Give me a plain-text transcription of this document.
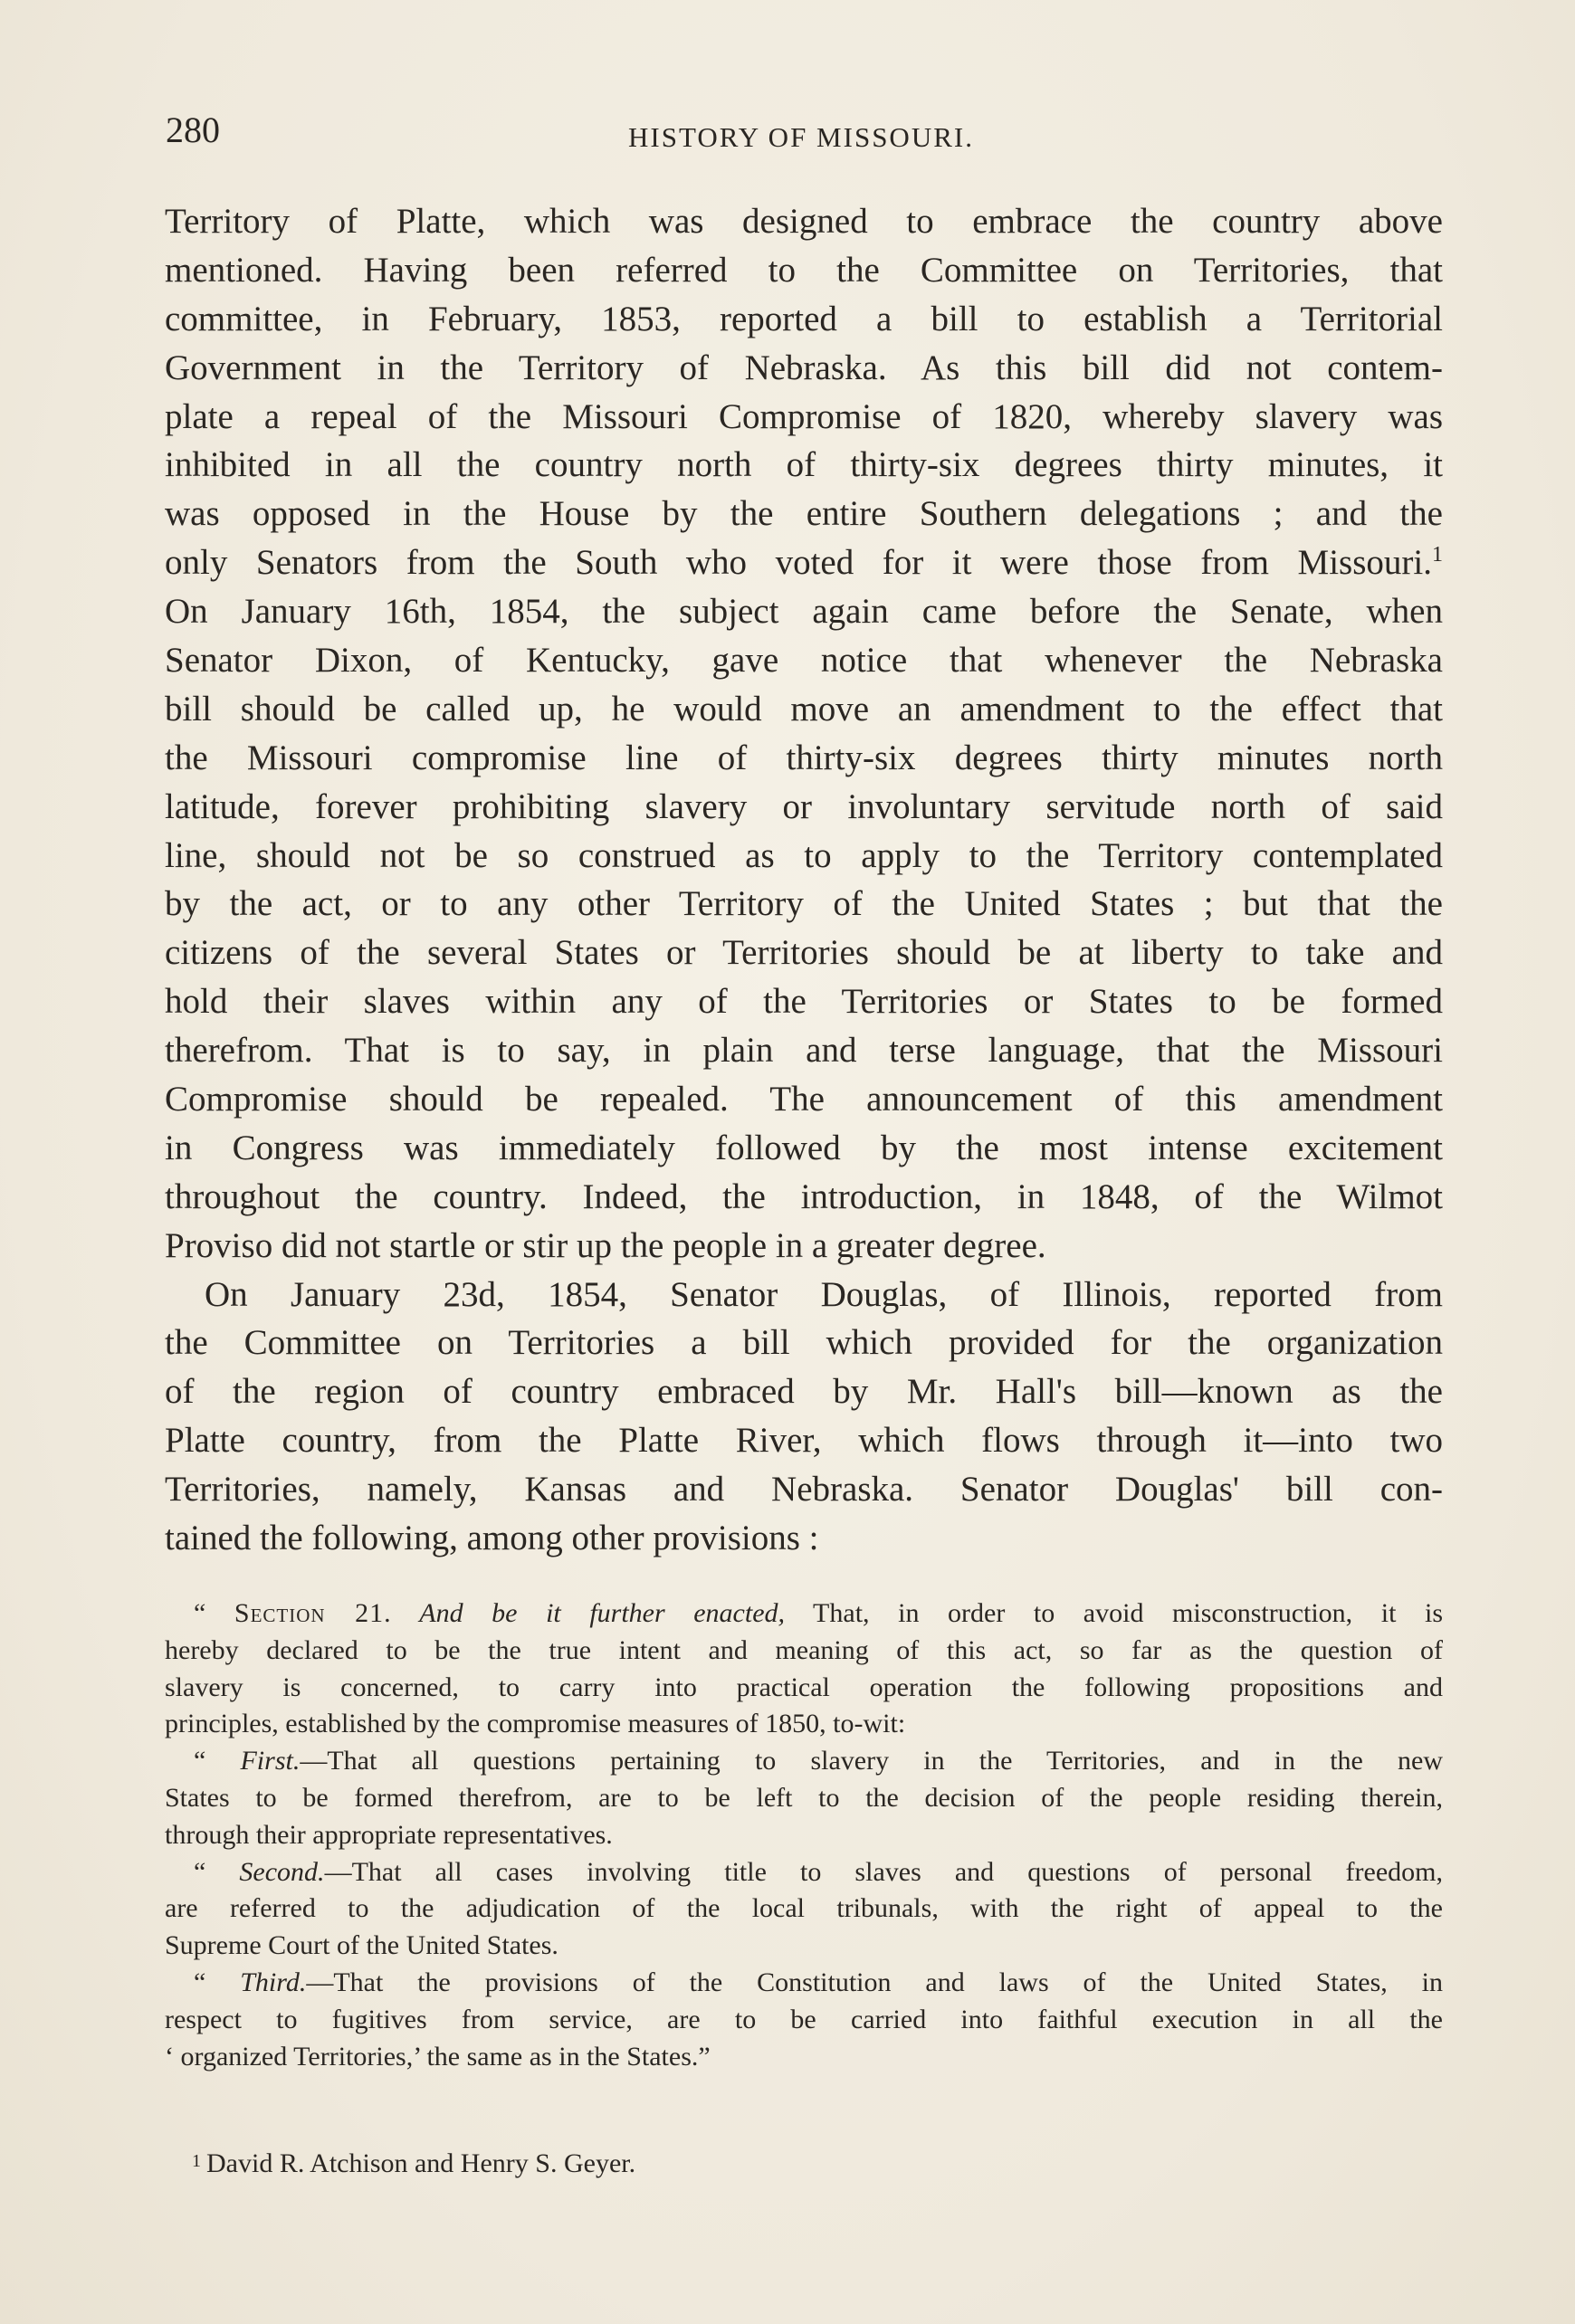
280	HISTORY OF MISSOURI.
Territory of Platte, which was designed to embrace the country above
mentioned. Having been referred to the Committee on Territories, that
committee, in February, 1853, reported a bill to establish a Territorial
Government in the Territory of Nebraska. As this bill did not contem-
plate a repeal of the Missouri Compromise of 1820, whereby slavery was
inhibited in all the country north of thirty-six degrees thirty minutes, it
was opposed in the House by the entire Southern delegations ; and the
only Senators from the South who voted for it were those from Missouri.$^1$
On January 16th, 1854, the subject again came before the Senate, when
Senator Dixon, of Kentucky, gave notice that whenever the Nebraska
bill should be called up, he would move an amendment to the effect that
the Missouri compromise line of thirty-six degrees thirty minutes north
latitude, forever prohibiting slavery or involuntary servitude north of said
line, should not be so construed as to apply to the Territory contemplated
by the act, or to any other Territory of the United States ; but that the
citizens of the several States or Territories should be at liberty to take and
hold their slaves within any of the Territories or States to be formed
therefrom. That is to say, in plain and terse language, that the Missouri
Compromise should be repealed. The announcement of this amendment
in Congress was immediately followed by the most intense excitement
throughout the country. Indeed, the introduction, in 1848, of the Wilmot
Proviso did not startle or stir up the people in a greater degree.
On January 23d, 1854, Senator Douglas, of Illinois, reported from
the Committee on Territories a bill which provided for the organization
of the region of country embraced by Mr. Hall's bill—known as the
Platte country, from the Platte River, which flows through it—into two
Territories, namely, Kansas and Nebraska. Senator Douglas' bill con-
tained the following, among other provisions :
“ Section 21. And be it further enacted, That, in order to avoid misconstruction, it is
hereby declared to be the true intent and meaning of this act, so far as the question of
slavery is concerned, to carry into practical operation the following propositions and
principles, established by the compromise measures of 1850, to-wit:
“ First.—That all questions pertaining to slavery in the Territories, and in the new
States to be formed therefrom, are to be left to the decision of the people residing therein,
through their appropriate representatives.
“ Second.—That all cases involving title to slaves and questions of personal freedom,
are referred to the adjudication of the local tribunals, with the right of appeal to the
Supreme Court of the United States.
“ Third.—That the provisions of the Constitution and laws of the United States, in
respect to fugitives from service, are to be carried into faithful execution in all the
‘ organized Territories,’ the same as in the States.”
$^1$ David R. Atchison and Henry S. Geyer.
